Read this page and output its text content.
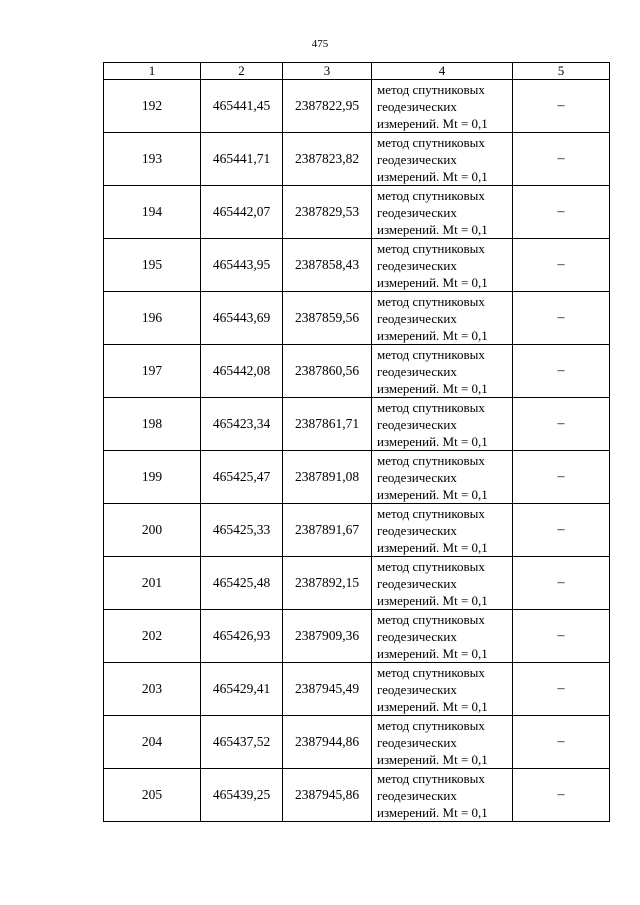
475
1	2	3	4	5
192	465441,45	2387822,95	метод спутниковых
геодезических
измерений. Mt = 0,1	–
193	465441,71	2387823,82	метод спутниковых
геодезических
измерений. Mt = 0,1	–
194	465442,07	2387829,53	метод спутниковых
геодезических
измерений. Mt = 0,1	–
195	465443,95	2387858,43	метод спутниковых
геодезических
измерений. Mt = 0,1	–
196	465443,69	2387859,56	метод спутниковых
геодезических
измерений. Mt = 0,1	–
197	465442,08	2387860,56	метод спутниковых
геодезических
измерений. Mt = 0,1	–
198	465423,34	2387861,71	метод спутниковых
геодезических
измерений. Mt = 0,1	–
199	465425,47	2387891,08	метод спутниковых
геодезических
измерений. Mt = 0,1	–
200	465425,33	2387891,67	метод спутниковых
геодезических
измерений. Mt = 0,1	–
201	465425,48	2387892,15	метод спутниковых
геодезических
измерений. Mt = 0,1	–
202	465426,93	2387909,36	метод спутниковых
геодезических
измерений. Mt = 0,1	–
203	465429,41	2387945,49	метод спутниковых
геодезических
измерений. Mt = 0,1	–
204	465437,52	2387944,86	метод спутниковых
геодезических
измерений. Mt = 0,1	–
205	465439,25	2387945,86	метод спутниковых
геодезических
измерений. Mt = 0,1	–
